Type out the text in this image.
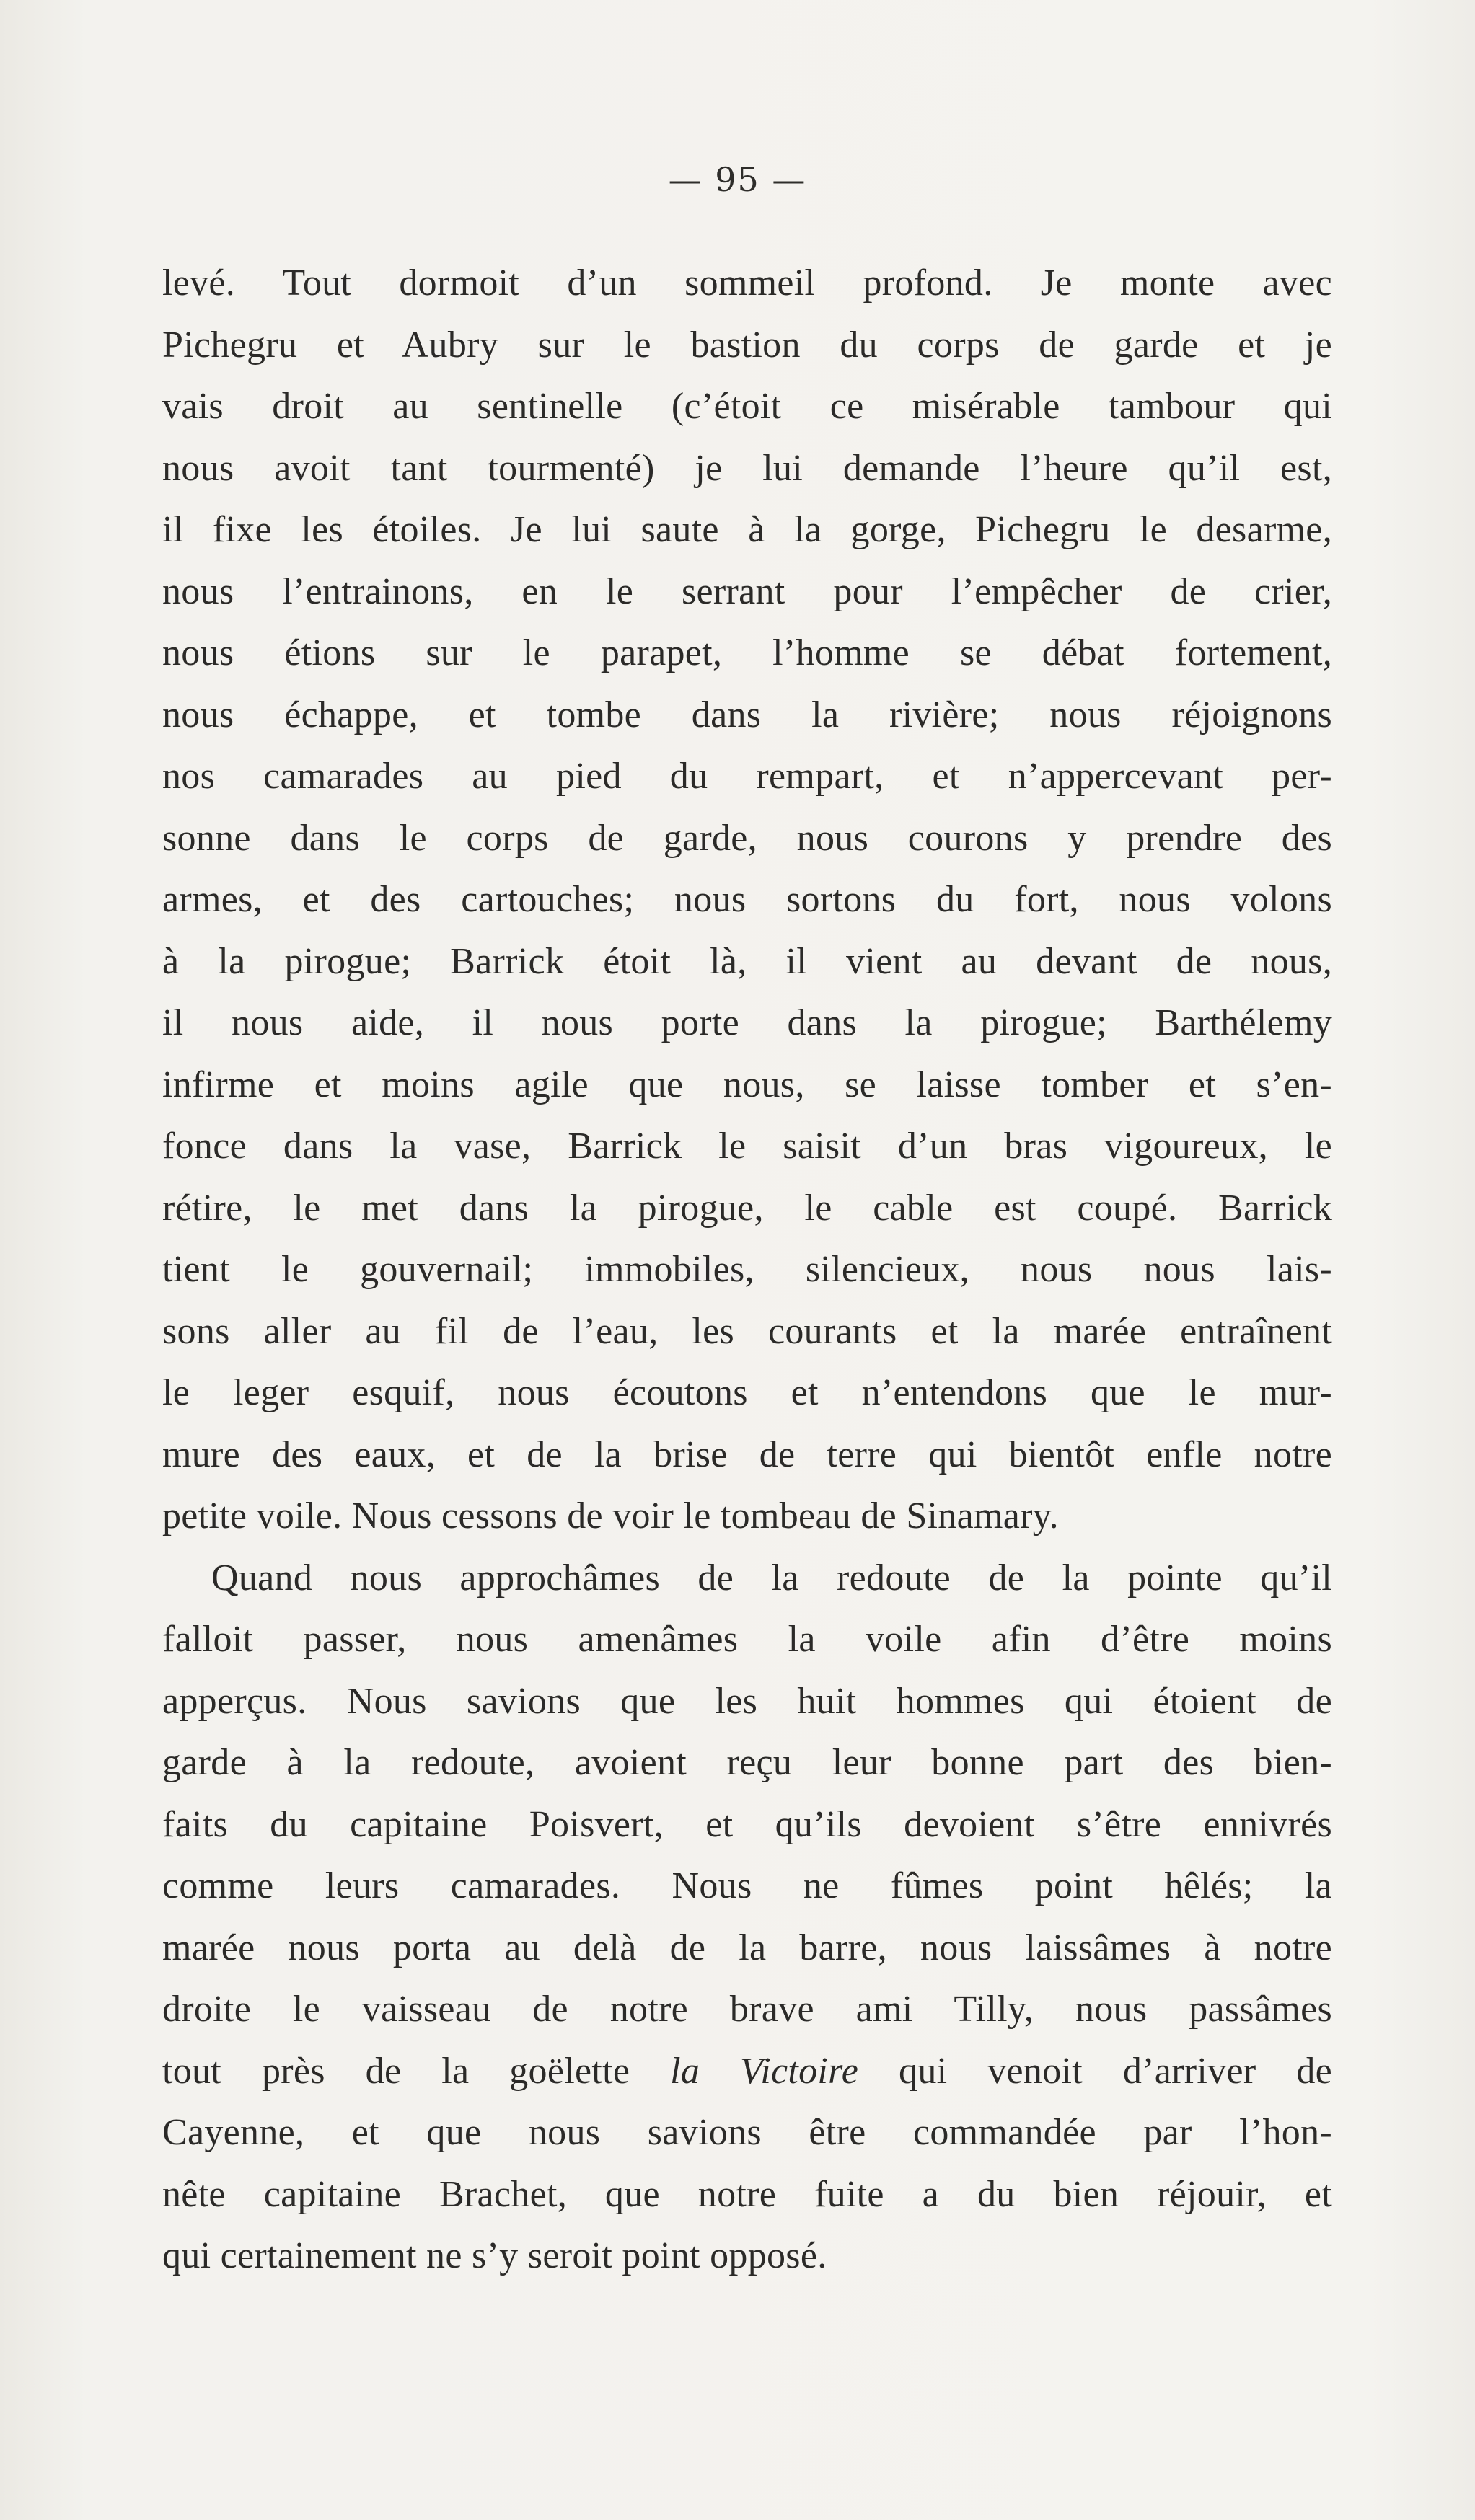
— 95 —
levé. Tout dormoit d’un sommeil profond. Je monte avec
Pichegru et Aubry sur le bastion du corps de garde et je
vais droit au sentinelle (c’étoit ce misérable tambour qui
nous avoit tant tourmenté) je lui demande l’heure qu’il est,
il fixe les étoiles. Je lui saute à la gorge, Pichegru le desarme,
nous l’entrainons, en le serrant pour l’empêcher de crier,
nous étions sur le parapet, l’homme se débat fortement,
nous échappe, et tombe dans la rivière; nous réjoignons
nos camarades au pied du rempart, et n’appercevant per-
sonne dans le corps de garde, nous courons y prendre des
armes, et des cartouches; nous sortons du fort, nous volons
à la pirogue; Barrick étoit là, il vient au devant de nous,
il nous aide, il nous porte dans la pirogue; Barthélemy
infirme et moins agile que nous, se laisse tomber et s’en-
fonce dans la vase, Barrick le saisit d’un bras vigoureux, le
rétire, le met dans la pirogue, le cable est coupé. Barrick
tient le gouvernail; immobiles, silencieux, nous nous lais-
sons aller au fil de l’eau, les courants et la marée entraînent
le leger esquif, nous écoutons et n’entendons que le mur-
mure des eaux, et de la brise de terre qui bientôt enfle notre
petite voile. Nous cessons de voir le tombeau de Sinamary.
Quand nous approchâmes de la redoute de la pointe qu’il
falloit passer, nous amenâmes la voile afin d’être moins
apperçus. Nous savions que les huit hommes qui étoient de
garde à la redoute, avoient reçu leur bonne part des bien-
faits du capitaine Poisvert, et qu’ils devoient s’être ennivrés
comme leurs camarades. Nous ne fûmes point hêlés; la
marée nous porta au delà de la barre, nous laissâmes à notre
droite le vaisseau de notre brave ami Tilly, nous passâmes
tout près de la goëlette la Victoire qui venoit d’arriver de
Cayenne, et que nous savions être commandée par l’hon-
nête capitaine Brachet, que notre fuite a du bien réjouir, et
qui certainement ne s’y seroit point opposé.
